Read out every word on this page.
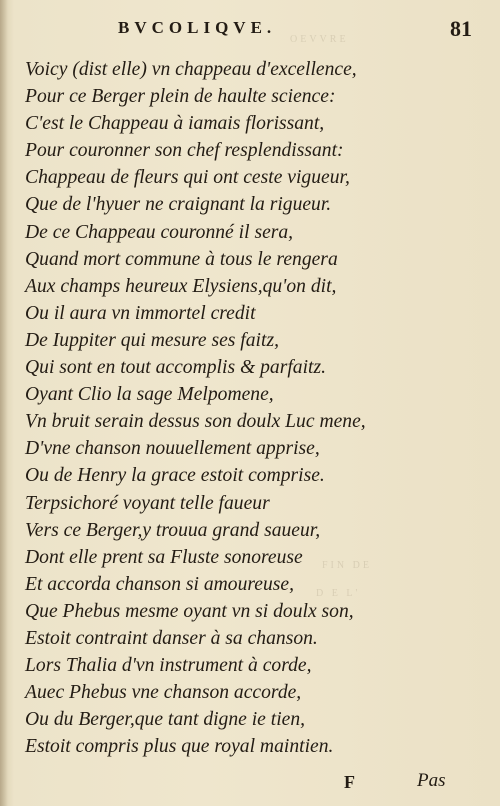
OEVVRE
FIN DE
D E L'
BVCOLIQVE.	81

Voicy (dist elle) vn chappeau d'excellence,

Pour ce Berger plein de haulte science:

C'est le Chappeau à iamais florissant,

Pour couronner son chef resplendissant:

Chappeau de fleurs qui ont ceste vigueur,

Que de l'hyuer ne craignant la rigueur.

De ce Chappeau couronné il sera,

Quand mort commune à tous le rengera

Aux champs heureux Elysiens,qu'on dit,

Ou il aura vn immortel credit

De Iuppiter qui mesure ses faitz,

Qui sont en tout accomplis & parfaitz.

Oyant Clio la sage Melpomene,

Vn bruit serain dessus son doulx Luc mene,

D'vne chanson nouuellement apprise,

Ou de Henry la grace estoit comprise.

Terpsichoré voyant telle faueur

Vers ce Berger,y trouua grand saueur,

Dont elle prent sa Fluste sonoreuse

Et accorda chanson si amoureuse,

Que Phebus mesme oyant vn si doulx son,

Estoit contraint danser à sa chanson.

Lors Thalia d'vn instrument à corde,

Auec Phebus vne chanson accorde,

Ou du Berger,que tant digne ie tien,

Estoit compris plus que royal maintien.

F	Pas
